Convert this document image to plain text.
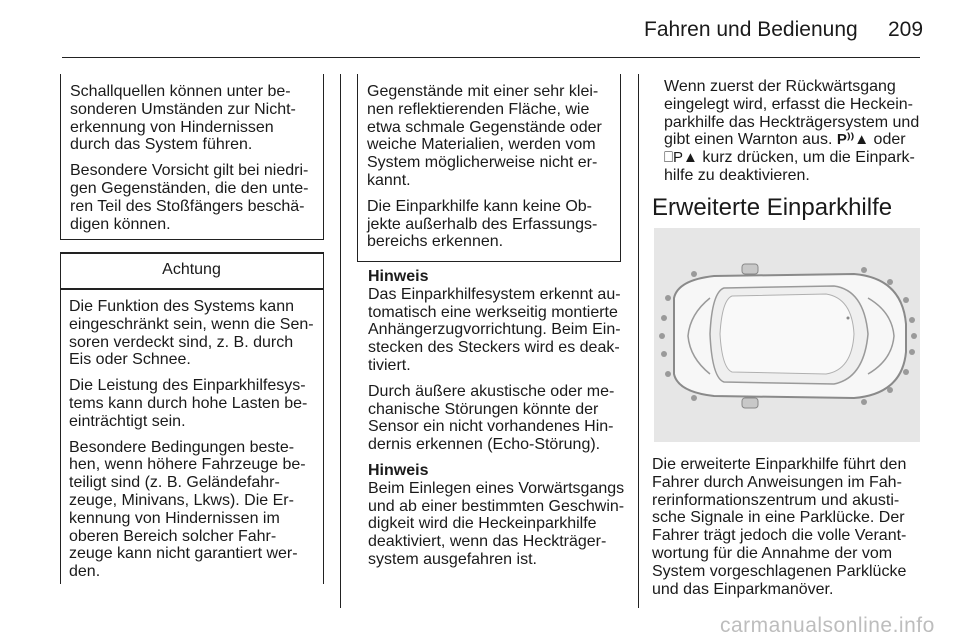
Fahren und Bedienung 209

Schallquellen können unter be-sonderen Umständen zur Nicht-erkennung von Hindernissen durch das System führen.

Besondere Vorsicht gilt bei niedri-gen Gegenständen, die den unte-ren Teil des Stoßfängers beschä-digen können.

Achtung

Die Funktion des Systems kann eingeschränkt sein, wenn die Sen-soren verdeckt sind, z. B. durch Eis oder Schnee.

Die Leistung des Einparkhilfesys-tems kann durch hohe Lasten be-einträchtigt sein.

Besondere Bedingungen beste-hen, wenn höhere Fahrzeuge be-teiligt sind (z. B. Geländefahr-zeuge, Minivans, Lkws). Die Er-kennung von Hindernissen im oberen Bereich solcher Fahr-zeuge kann nicht garantiert wer-den.

Gegenstände mit einer sehr klei-nen reflektierenden Fläche, wie etwa schmale Gegenstände oder weiche Materialien, werden vom System möglicherweise nicht er-kannt.

Die Einparkhilfe kann keine Ob-jekte außerhalb des Erfassungs-bereichs erkennen.

Hinweis

Das Einparkhilfesystem erkennt au-tomatisch eine werkseitig montierte Anhängerzugvorrichtung. Beim Ein-stecken des Steckers wird es deak-tiviert.

Durch äußere akustische oder me-chanische Störungen könnte der Sensor ein nicht vorhandenes Hin-dernis erkennen (Echo-Störung).

Hinweis

Beim Einlegen eines Vorwärtsgangs und ab einer bestimmten Geschwin-digkeit wird die Heckeinparkhilfe deaktiviert, wenn das Heckträger-system ausgefahren ist.

Wenn zuerst der Rückwärtsgang eingelegt wird, erfasst die Heckein-parkhilfe das Heckträgersystem und gibt einen Warnton aus. P⁾⁾▲ oder ⎕P▲ kurz drücken, um die Einpark-hilfe zu deaktivieren.

Erweiterte Einparkhilfe

Die erweiterte Einparkhilfe führt den Fahrer durch Anweisungen im Fah-rerinformationszentrum und akusti-sche Signale in eine Parklücke. Der Fahrer trägt jedoch die volle Verant-wortung für die Annahme der vom System vorgeschlagenen Parklücke und das Einparkmanöver.

carmanualsonline.info
